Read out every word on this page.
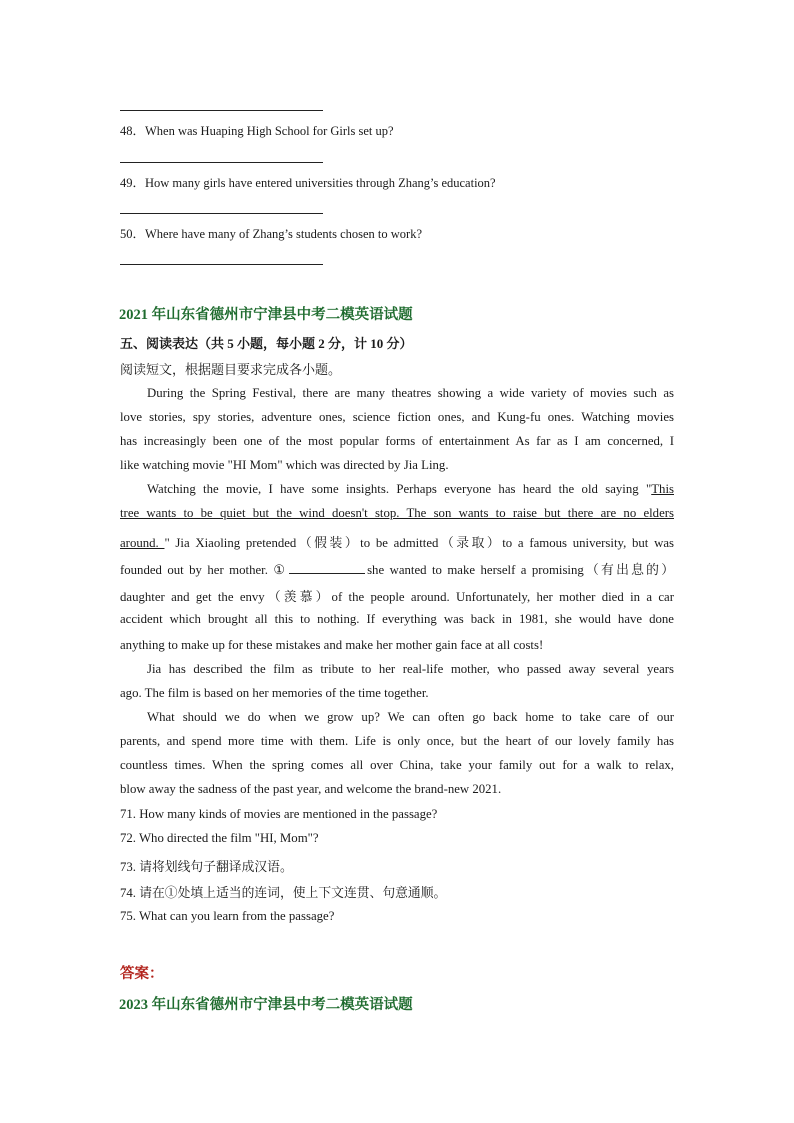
48．When was Huaping High School for Girls set up?
49．How many girls have entered universities through Zhang’s education?
50．Where have many of Zhang’s students chosen to work?
2021 年山东省德州市宁津县中考二模英语试题
五、阅读表达（共 5 小题，每小题 2 分，计 10 分）
阅读短文，根据题目要求完成各小题。
During the Spring Festival, there are many theatres showing a wide variety of movies such as
love stories, spy stories, adventure ones, science fiction ones, and Kung-fu ones. Watching movies
has increasingly been one of the most popular forms of entertainment As far as I am concerned, I
like watching movie "HI Mom" which was directed by Jia Ling.
Watching the movie, I have some insights. Perhaps everyone has heard the old saying "This
tree wants to be quiet but the wind doesn't stop. The son wants to raise but there are no elders
around. " Jia Xiaoling pretended（假装）to be admitted（录取）to a famous university, but was
founded out by her mother. ①	she wanted to make herself a promising（有出息的）
daughter and get the envy（羡慕）of the people around. Unfortunately, her mother died in a car
accident which brought all this to nothing. If everything was back in 1981, she would have done
anything to make up for these mistakes and make her mother gain face at all costs!
Jia has described the film as tribute to her real-life mother, who passed away several years
ago. The film is based on her memories of the time together.
What should we do when we grow up? We can often go back home to take care of our
parents, and spend more time with them. Life is only once, but the heart of our lovely family has
countless times. When the spring comes all over China, take your family out for a walk to relax,
blow away the sadness of the past year, and welcome the brand-new 2021.
71. How many kinds of movies are mentioned in the passage?
72. Who directed the film "HI, Mom"?
73. 请将划线句子翻译成汉语。
74. 请在①处填上适当的连词，使上下文连贯、句意通顺。
75. What can you learn from the passage?
答案：
2023 年山东省德州市宁津县中考二模英语试题
